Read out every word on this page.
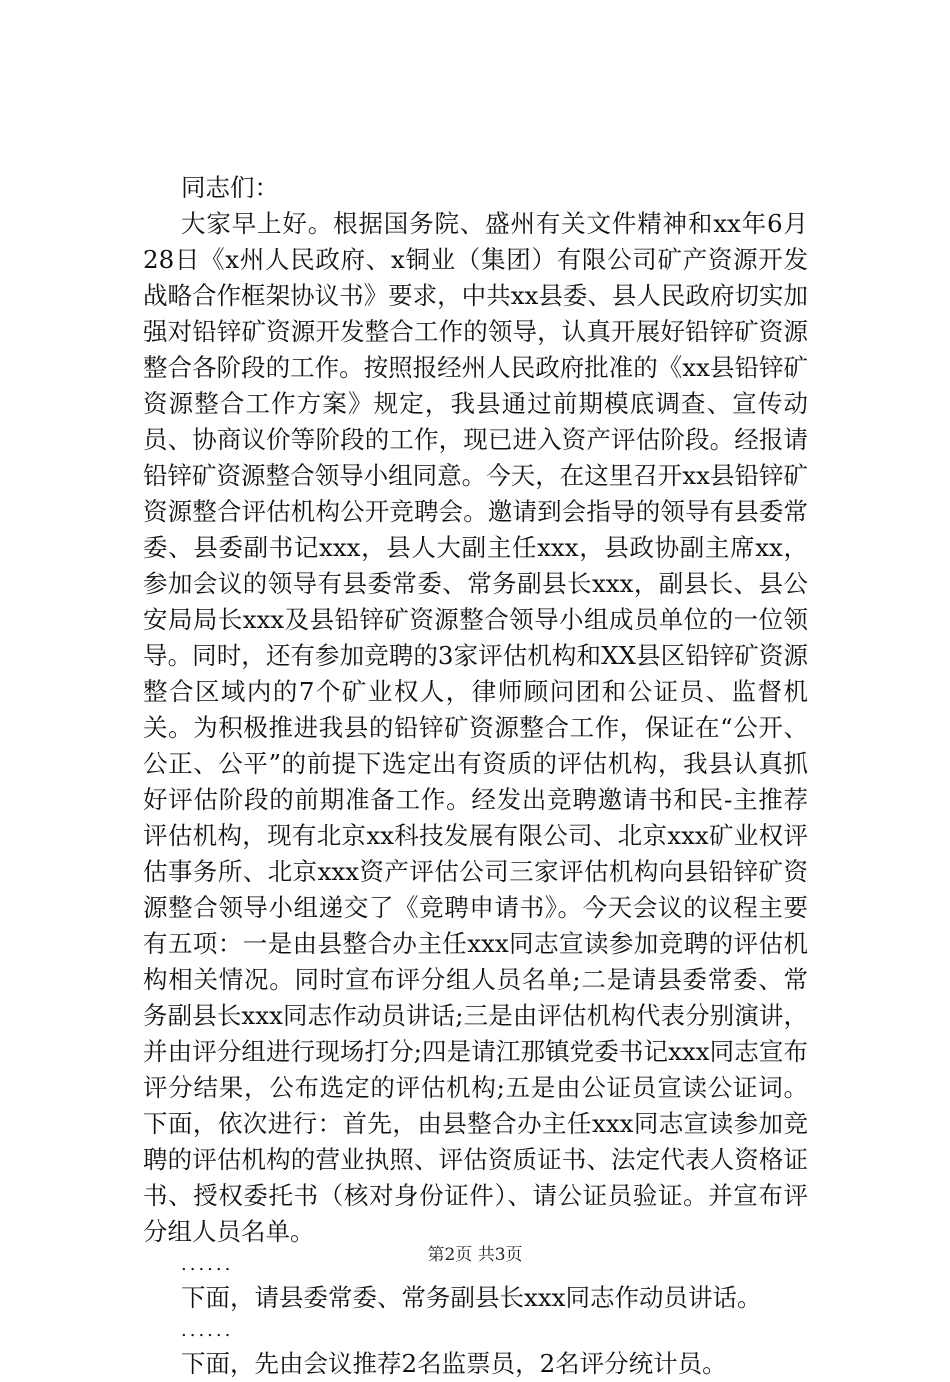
同志们：

大家早上好。根据国务院、盛州有关文件精神和xx年6月28日《x州人民政府、x铜业（集团）有限公司矿产资源开发战略合作框架协议书》要求，中共xx县委、县人民政府切实加强对铅锌矿资源开发整合工作的领导，认真开展好铅锌矿资源整合各阶段的工作。按照报经州人民政府批准的《xx县铅锌矿资源整合工作方案》规定，我县通过前期模底调查、宣传动员、协商议价等阶段的工作，现已进入资产评估阶段。经报请铅锌矿资源整合领导小组同意。今天，在这里召开xx县铅锌矿资源整合评估机构公开竞聘会。邀请到会指导的领导有县委常委、县委副书记xxx，县人大副主任xxx，县政协副主席xx，参加会议的领导有县委常委、常务副县长xxx，副县长、县公安局局长xxx及县铅锌矿资源整合领导小组成员单位的一位领导。同时，还有参加竞聘的3家评估机构和XX县区铅锌矿资源整合区域内的7个矿业权人，律师顾问团和公证员、监督机关。为积极推进我县的铅锌矿资源整合工作，保证在“公开、公正、公平”的前提下选定出有资质的评估机构，我县认真抓好评估阶段的前期准备工作。经发出竞聘邀请书和民-主推荐评估机构，现有北京xx科技发展有限公司、北京xxx矿业权评估事务所、北京xxx资产评估公司三家评估机构向县铅锌矿资源整合领导小组递交了《竞聘申请书》。今天会议的议程主要有五项：一是由县整合办主任xxx同志宣读参加竞聘的评估机构相关情况。同时宣布评分组人员名单;二是请县委常委、常务副县长xxx同志作动员讲话;三是由评估机构代表分别演讲，并由评分组进行现场打分;四是请江那镇党委书记xxx同志宣布评分结果，公布选定的评估机构;五是由公证员宣读公证词。下面，依次进行：首先，由县整合办主任xxx同志宣读参加竞聘的评估机构的营业执照、评估资质证书、法定代表人资格证书、授权委托书（核对身份证件）、请公证员验证。并宣布评分组人员名单。

......

下面，请县委常委、常务副县长xxx同志作动员讲话。

......

下面，先由会议推荐2名监票员，2名评分统计员。

第2页 共3页
